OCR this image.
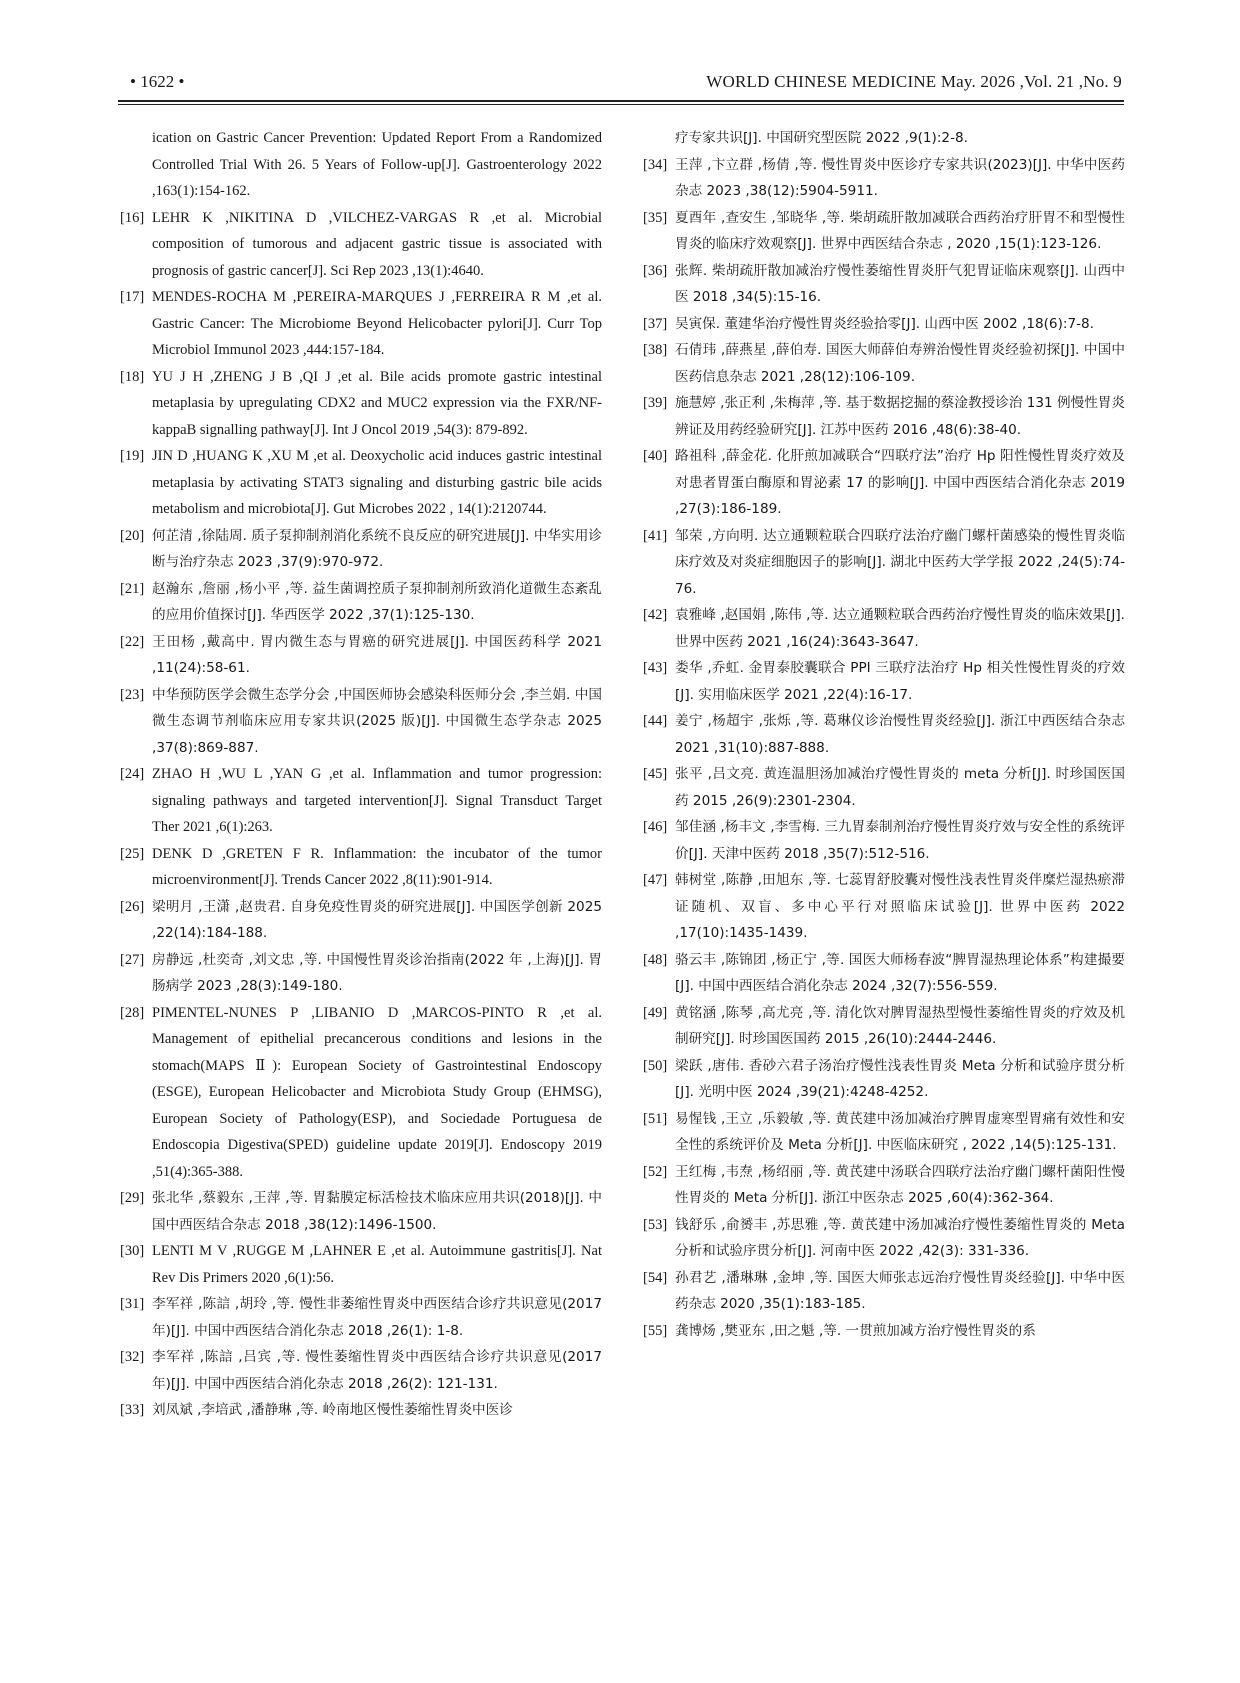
• 1622 •	WORLD CHINESE MEDICINE May. 2026 ,Vol. 21 ,No. 9
ication on Gastric Cancer Prevention: Updated Report From a Randomized Controlled Trial With 26. 5 Years of Follow-up[J]. Gastroenterology 2022 ,163(1):154-162.
[16] LEHR K ,NIKITINA D ,VILCHEZ-VARGAS R ,et al. Microbial composition of tumorous and adjacent gastric tissue is associated with prognosis of gastric cancer[J]. Sci Rep 2023 ,13(1):4640.
[17] MENDES-ROCHA M ,PEREIRA-MARQUES J ,FERREIRA R M ,et al. Gastric Cancer: The Microbiome Beyond Helicobacter pylori[J]. Curr Top Microbiol Immunol 2023 ,444:157-184.
[18] YU J H ,ZHENG J B ,QI J ,et al. Bile acids promote gastric intestinal metaplasia by upregulating CDX2 and MUC2 expression via the FXR/NF-kappaB signalling pathway[J]. Int J Oncol 2019 ,54(3): 879-892.
[19] JIN D ,HUANG K ,XU M ,et al. Deoxycholic acid induces gastric intestinal metaplasia by activating STAT3 signaling and disturbing gastric bile acids metabolism and microbiota[J]. Gut Microbes 2022 , 14(1):2120744.
[20] 何芷清 ,徐陆周. 质子泵抑制剂消化系统不良反应的研究进展[J]. 中华实用诊断与治疗杂志 2023 ,37(9):970-972.
[21] 赵瀚东 ,詹丽 ,杨小平 ,等. 益生菌调控质子泵抑制剂所致消化道微生态紊乱的应用价值探讨[J]. 华西医学 2022 ,37(1):125-130.
[22] 王田杨 ,戴高中. 胃内微生态与胃癌的研究进展[J]. 中国医药科学 2021 ,11(24):58-61.
[23] 中华预防医学会微生态学分会 ,中国医师协会感染科医师分会 ,李兰娟. 中国微生态调节剂临床应用专家共识(2025 版)[J]. 中国微生态学杂志 2025 ,37(8):869-887.
[24] ZHAO H ,WU L ,YAN G ,et al. Inflammation and tumor progression: signaling pathways and targeted intervention[J]. Signal Transduct Target Ther 2021 ,6(1):263.
[25] DENK D ,GRETEN F R. Inflammation: the incubator of the tumor microenvironment[J]. Trends Cancer 2022 ,8(11):901-914.
[26] 梁明月 ,王潇 ,赵贵君. 自身免疫性胃炎的研究进展[J]. 中国医学创新 2025 ,22(14):184-188.
[27] 房静远 ,杜奕奇 ,刘文忠 ,等. 中国慢性胃炎诊治指南(2022 年 ,上海)[J]. 胃肠病学 2023 ,28(3):149-180.
[28] PIMENTEL-NUNES P ,LIBANIO D ,MARCOS-PINTO R ,et al. Management of epithelial precancerous conditions and lesions in the stomach(MAPS Ⅱ): European Society of Gastrointestinal Endoscopy (ESGE), European Helicobacter and Microbiota Study Group (EHMSG), European Society of Pathology(ESP), and Sociedade Portuguesa de Endoscopia Digestiva(SPED) guideline update 2019[J]. Endoscopy 2019 ,51(4):365-388.
[29] 张北华 ,蔡毅东 ,王萍 ,等. 胃黏膜定标活检技术临床应用共识(2018)[J]. 中国中西医结合杂志 2018 ,38(12):1496-1500.
[30] LENTI M V ,RUGGE M ,LAHNER E ,et al. Autoimmune gastritis[J]. Nat Rev Dis Primers 2020 ,6(1):56.
[31] 李军祥 ,陈誩 ,胡玲 ,等. 慢性非萎缩性胃炎中西医结合诊疗共识意见(2017 年)[J]. 中国中西医结合消化杂志 2018 ,26(1): 1-8.
[32] 李军祥 ,陈誩 ,吕宾 ,等. 慢性萎缩性胃炎中西医结合诊疗共识意见(2017 年)[J]. 中国中西医结合消化杂志 2018 ,26(2): 121-131.
[33] 刘凤斌 ,李培武 ,潘静琳 ,等. 岭南地区慢性萎缩性胃炎中医诊
疗专家共识[J]. 中国研究型医院 2022 ,9(1):2-8.
[34] 王萍 ,卞立群 ,杨倩 ,等. 慢性胃炎中医诊疗专家共识(2023)[J]. 中华中医药杂志 2023 ,38(12):5904-5911.
[35] 夏酉年 ,查安生 ,邹晓华 ,等. 柴胡疏肝散加减联合西药治疗肝胃不和型慢性胃炎的临床疗效观察[J]. 世界中西医结合杂志 , 2020 ,15(1):123-126.
[36] 张辉. 柴胡疏肝散加减治疗慢性萎缩性胃炎肝气犯胃证临床观察[J]. 山西中医 2018 ,34(5):15-16.
[37] 吴寅保. 董建华治疗慢性胃炎经验拾零[J]. 山西中医 2002 ,18(6):7-8.
[38] 石倩玮 ,薛燕星 ,薛伯寿. 国医大师薛伯寿辨治慢性胃炎经验初探[J]. 中国中医药信息杂志 2021 ,28(12):106-109.
[39] 施慧婷 ,张正利 ,朱梅萍 ,等. 基于数据挖掘的蔡淦教授诊治 131 例慢性胃炎辨证及用药经验研究[J]. 江苏中医药 2016 ,48(6):38-40.
[40] 路祖科 ,薛金花. 化肝煎加减联合“四联疗法”治疗 Hp 阳性慢性胃炎疗效及对患者胃蛋白酶原和胃泌素 17 的影响[J]. 中国中西医结合消化杂志 2019 ,27(3):186-189.
[41] 邹荣 ,方向明. 达立通颗粒联合四联疗法治疗幽门螺杆菌感染的慢性胃炎临床疗效及对炎症细胞因子的影响[J]. 湖北中医药大学学报 2022 ,24(5):74-76.
[42] 袁雅峰 ,赵国娟 ,陈伟 ,等. 达立通颗粒联合西药治疗慢性胃炎的临床效果[J]. 世界中医药 2021 ,16(24):3643-3647.
[43] 娄华 ,乔虹. 金胃泰胶囊联合 PPI 三联疗法治疗 Hp 相关性慢性胃炎的疗效[J]. 实用临床医学 2021 ,22(4):16-17.
[44] 姜宁 ,杨超宇 ,张烁 ,等. 葛琳仪诊治慢性胃炎经验[J]. 浙江中西医结合杂志 2021 ,31(10):887-888.
[45] 张平 ,吕文亮. 黄连温胆汤加减治疗慢性胃炎的 meta 分析[J]. 时珍国医国药 2015 ,26(9):2301-2304.
[46] 邹佳涵 ,杨丰文 ,李雪梅. 三九胃泰制剂治疗慢性胃炎疗效与安全性的系统评价[J]. 天津中医药 2018 ,35(7):512-516.
[47] 韩树堂 ,陈静 ,田旭东 ,等. 七蕊胃舒胶囊对慢性浅表性胃炎伴糜烂湿热瘀滞证随机、双盲、多中心平行对照临床试验[J]. 世界中医药 2022 ,17(10):1435-1439.
[48] 骆云丰 ,陈锦团 ,杨正宁 ,等. 国医大师杨春波“脾胃湿热理论体系”构建撮要[J]. 中国中西医结合消化杂志 2024 ,32(7):556-559.
[49] 黄铭涵 ,陈琴 ,高尤亮 ,等. 清化饮对脾胃湿热型慢性萎缩性胃炎的疗效及机制研究[J]. 时珍国医国药 2015 ,26(10):2444-2446.
[50] 梁跃 ,唐伟. 香砂六君子汤治疗慢性浅表性胃炎 Meta 分析和试验序贯分析[J]. 光明中医 2024 ,39(21):4248-4252.
[51] 易惺钱 ,王立 ,乐毅敏 ,等. 黄芪建中汤加减治疗脾胃虚寒型胃痛有效性和安全性的系统评价及 Meta 分析[J]. 中医临床研究 , 2022 ,14(5):125-131.
[52] 王红梅 ,韦焘 ,杨绍丽 ,等. 黄芪建中汤联合四联疗法治疗幽门螺杆菌阳性慢性胃炎的 Meta 分析[J]. 浙江中医杂志 2025 ,60(4):362-364.
[53] 钱舒乐 ,俞赟丰 ,苏思雅 ,等. 黄芪建中汤加减治疗慢性萎缩性胃炎的 Meta 分析和试验序贯分析[J]. 河南中医 2022 ,42(3): 331-336.
[54] 孙君艺 ,潘琳琳 ,金坤 ,等. 国医大师张志远治疗慢性胃炎经验[J]. 中华中医药杂志 2020 ,35(1):183-185.
[55] 龚博炀 ,樊亚东 ,田之魁 ,等. 一贯煎加减方治疗慢性胃炎的系
